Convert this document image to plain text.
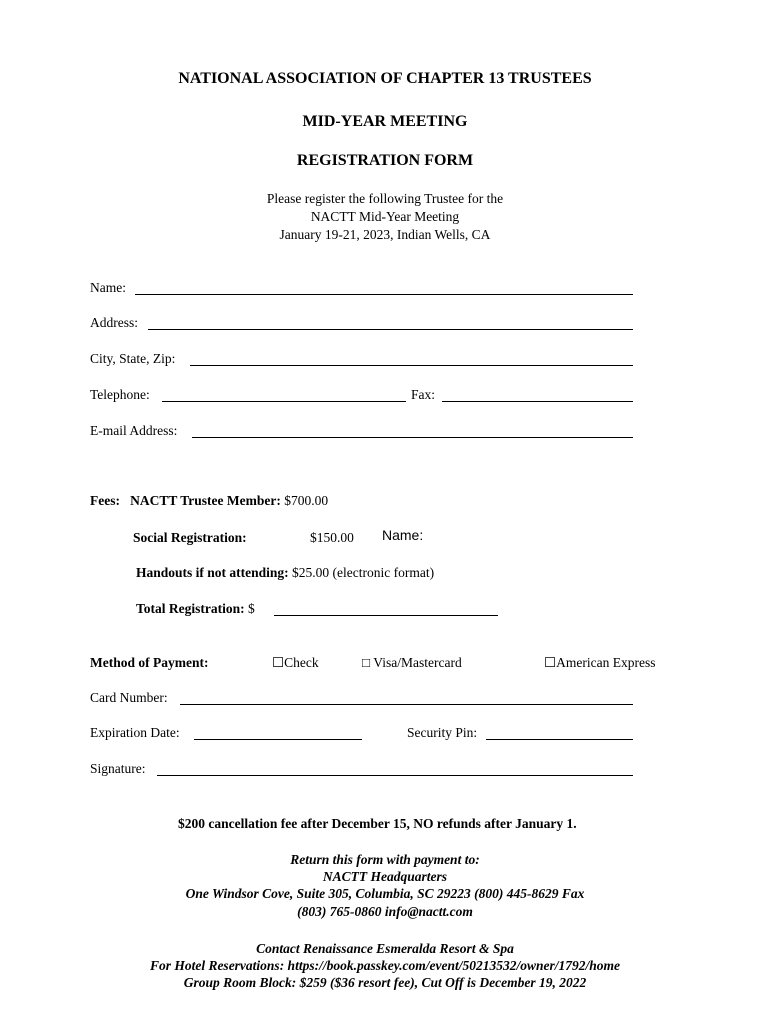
NATIONAL ASSOCIATION OF CHAPTER 13 TRUSTEES
MID-YEAR MEETING
REGISTRATION FORM
Please register the following Trustee for the
NACTT Mid-Year Meeting
January 19-21, 2023, Indian Wells, CA
Name:
Address:
City, State, Zip:
Telephone:	Fax:
E-mail Address:
Fees: NACTT Trustee Member: $700.00
Social Registration:	$150.00 Name:
Handouts if not attending: $25.00 (electronic format)
Total Registration: $
Method of Payment:	☐Check	□ Visa/Mastercard	☐American Express
Card Number:
Expiration Date:	Security Pin:
Signature:
$200 cancellation fee after December 15, NO refunds after January 1.
Return this form with payment to:
NACTT Headquarters
One Windsor Cove, Suite 305, Columbia, SC 29223 (800) 445-8629 Fax
(803) 765-0860 info@nactt.com
Contact Renaissance Esmeralda Resort & Spa
For Hotel Reservations: https://book.passkey.com/event/50213532/owner/1792/home
Group Room Block: $259 ($36 resort fee), Cut Off is December 19, 2022
